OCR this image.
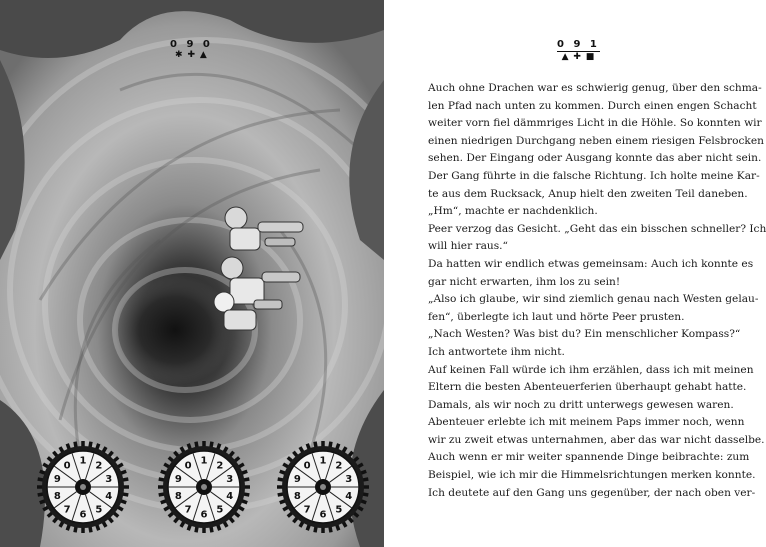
0 9 0
✱ ✚ ▲
1 2
3
4
5
6
7
8
9
0	1 2
3
4
5
6
7
8
9
0	1 2
3
4
5
6
7
8
9
0
0 9 1
▲ ✚ ■

Auch ohne Drachen war es schwierig genug, über den schma-

len Pfad nach unten zu kommen. Durch einen engen Schacht

weiter vorn fiel dämmriges Licht in die Höhle. So konnten wir

einen niedrigen Durchgang neben einem riesigen Felsbrocken

sehen. Der Eingang oder Ausgang konnte das aber nicht sein.

Der Gang führte in die falsche Richtung. Ich holte meine Kar-

te aus dem Rucksack, Anup hielt den zweiten Teil daneben.

„Hm“, machte er nachdenklich.

Peer verzog das Gesicht. „Geht das ein bisschen schneller? Ich

will hier raus.“

Da hatten wir endlich etwas gemeinsam: Auch ich konnte es

gar nicht erwarten, ihm los zu sein!

„Also ich glaube, wir sind ziemlich genau nach Westen gelau-

fen“, überlegte ich laut und hörte Peer prusten.

„Nach Westen? Was bist du? Ein menschlicher Kompass?“

Ich antwortete ihm nicht.

Auf keinen Fall würde ich ihm erzählen, dass ich mit meinen

Eltern die besten Abenteuerferien überhaupt gehabt hatte.

Damals, als wir noch zu dritt unterwegs gewesen waren.

Abenteuer erlebte ich mit meinem Paps immer noch, wenn

wir zu zweit etwas unternahmen, aber das war nicht dasselbe.

Auch wenn er mir weiter spannende Dinge beibrachte: zum

Beispiel, wie ich mir die Himmelsrichtungen merken konnte.

Ich deutete auf den Gang uns gegenüber, der nach oben ver-
